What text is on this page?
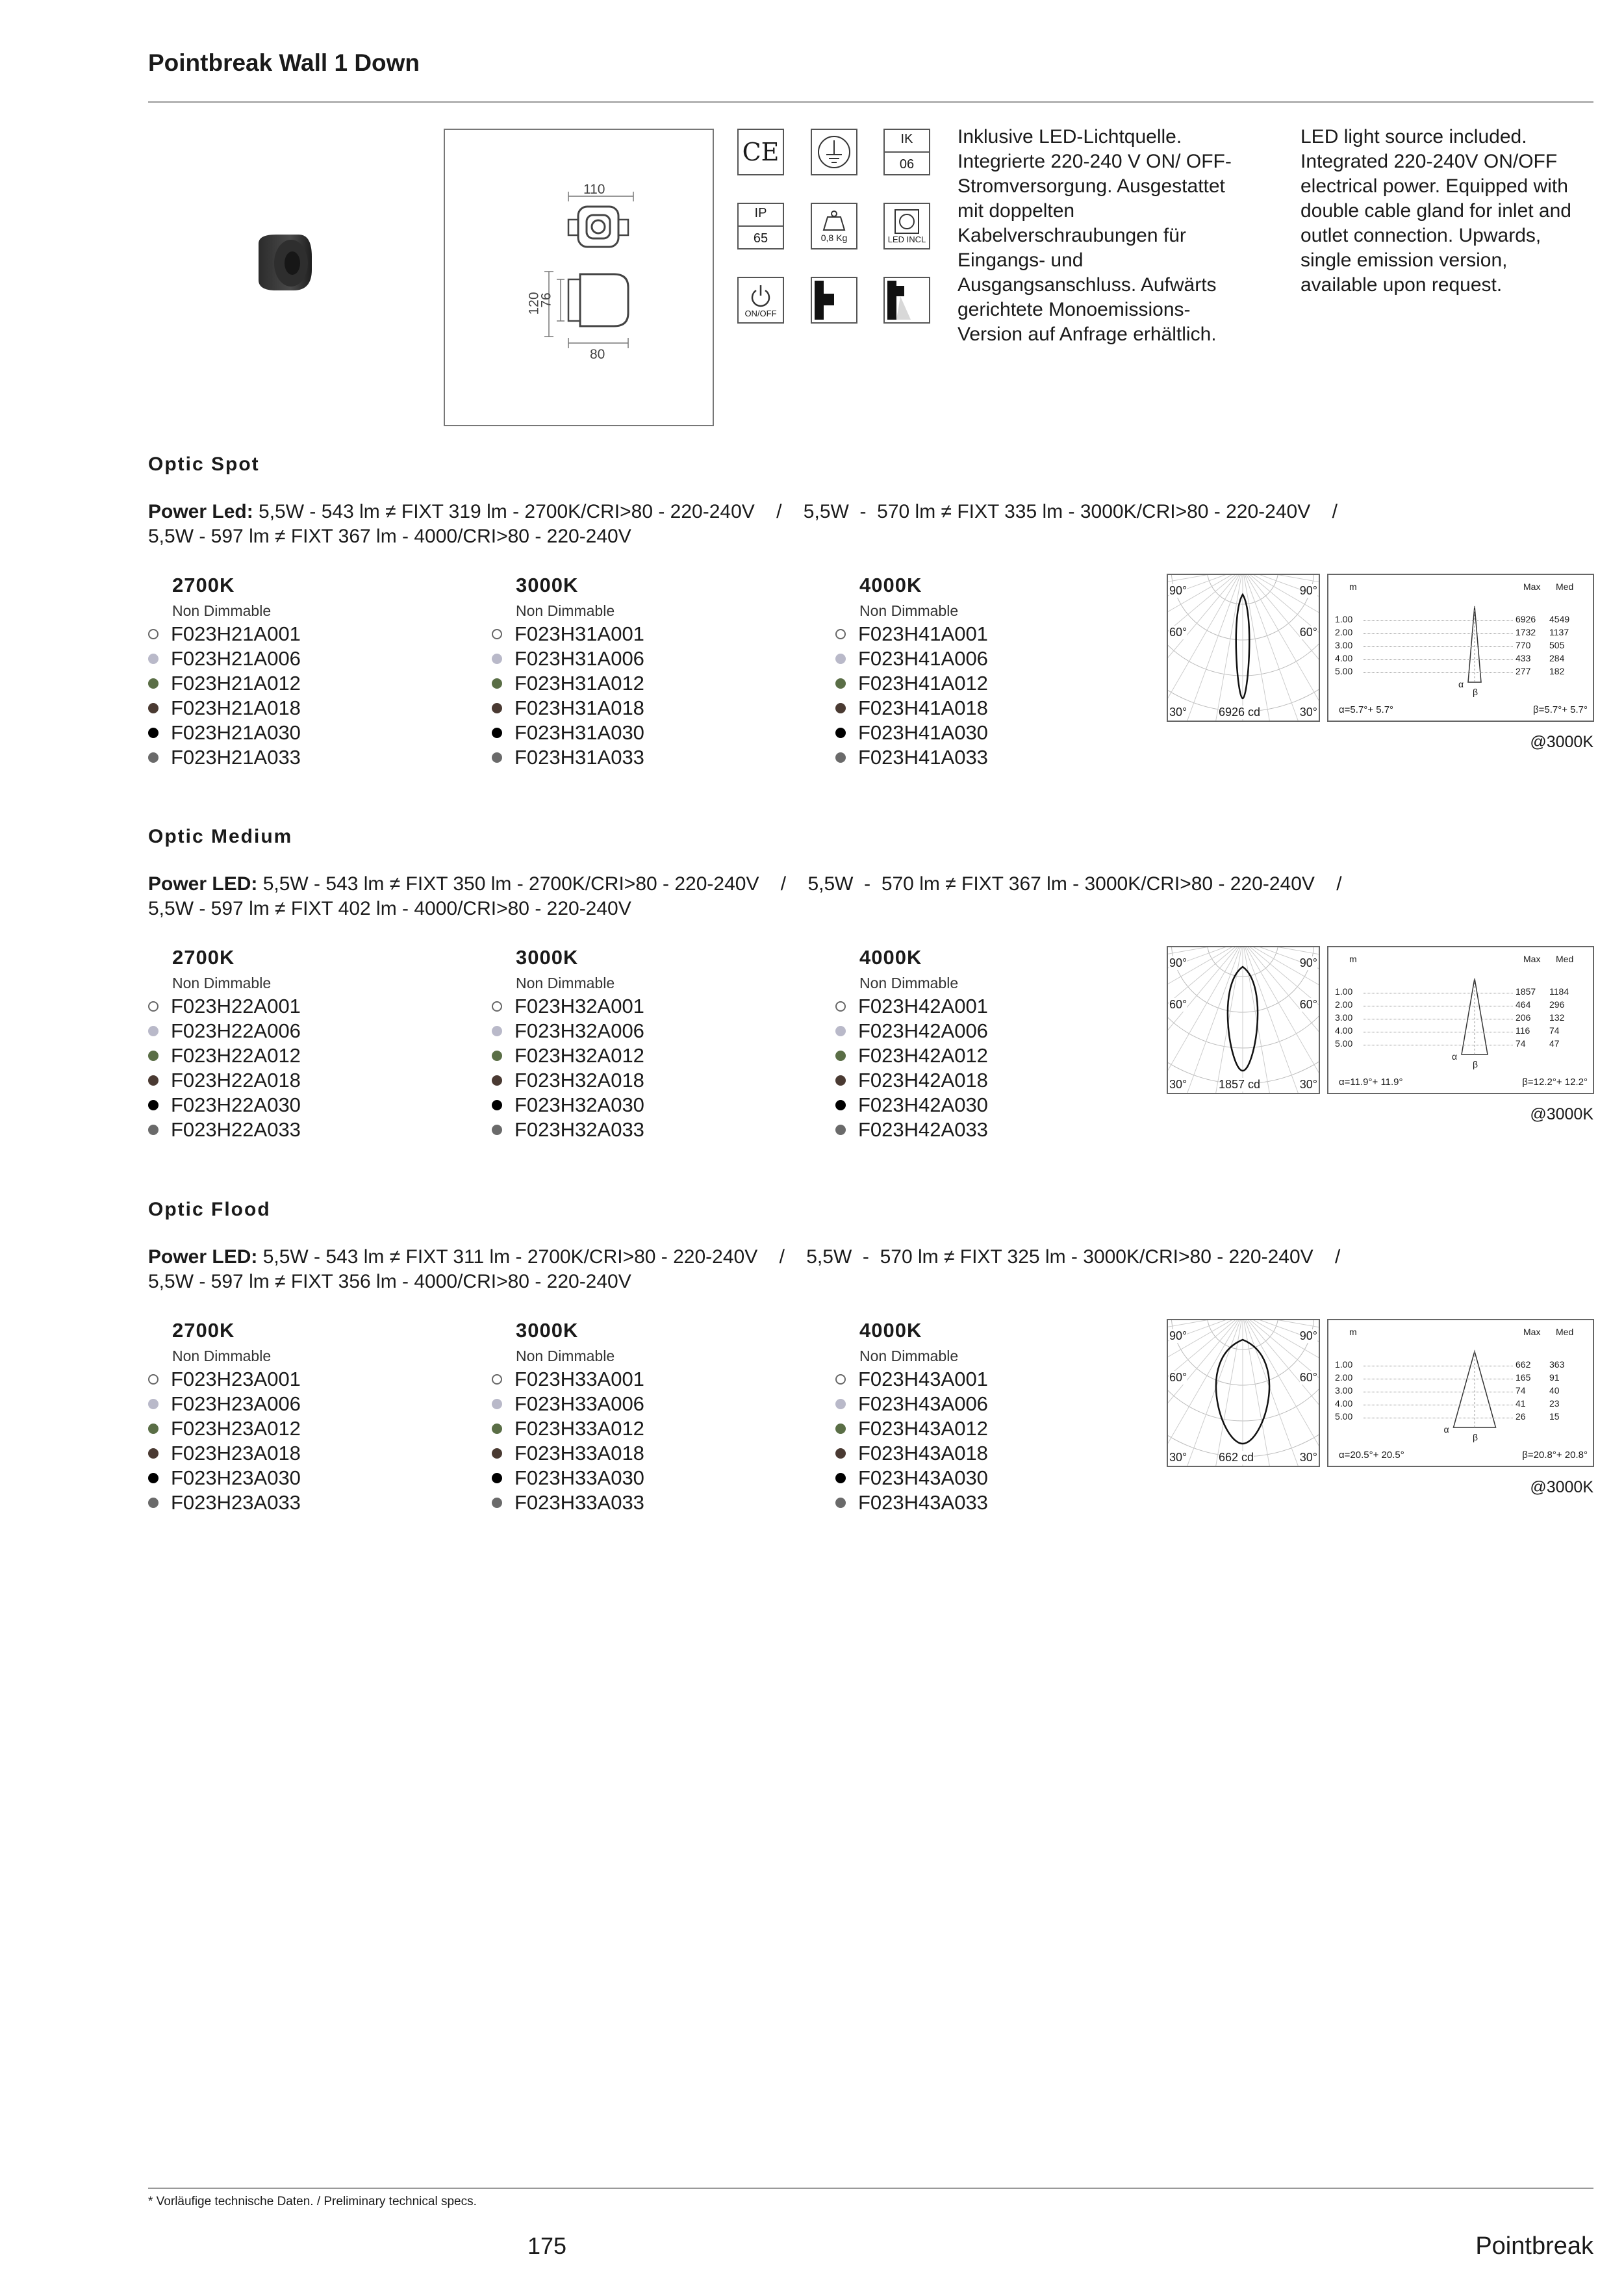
Pointbreak Wall 1 Down
110
120
76
80
CE	IK
06
IP
65	0,8 Kg	LED INCL
ON/OFF
Inklusive LED-Lichtquelle. Integrierte 220-240 V ON/ OFF-Stromversorgung. Ausgestattet mit doppelten Kabelverschraubungen für Eingangs- und Ausgangsanschluss. Aufwärts gerichtete Monoemissions-Version auf Anfrage erhältlich.
LED light source included. Integrated 220-240V ON/OFF electrical power. Equipped with double cable gland for inlet and outlet connection. Upwards, single emission version, available upon request.
Optic Spot
Power Led: 5,5W - 543 lm ≠ FIXT 319 lm - 2700K/CRI>80 - 220-240V    /    5,5W  -  570 lm ≠ FIXT 335 lm - 3000K/CRI>80 - 220-240V    /
5,5W - 597 lm ≠ FIXT 367 lm - 4000/CRI>80 - 220-240V
2700K
Non Dimmable
F023H21A001
F023H21A006
F023H21A012
F023H21A018
F023H21A030
F023H21A033
3000K
Non Dimmable
F023H31A001
F023H31A006
F023H31A012
F023H31A018
F023H31A030
F023H31A033
4000K
Non Dimmable
F023H41A001
F023H41A006
F023H41A012
F023H41A018
F023H41A030
F023H41A033
90°	90°
60°	60°
30°	30°
6926 cd
m	Max Med
1.00	6926	4549
2.00	1732	1137
3.00	770	505
4.00	433	284
5.00	277	182
α
β
α=5.7°+ 5.7°	β=5.7°+ 5.7°
@3000K
Optic Medium
Power LED: 5,5W - 543 lm ≠ FIXT 350 lm - 2700K/CRI>80 - 220-240V    /    5,5W  -  570 lm ≠ FIXT 367 lm - 3000K/CRI>80 - 220-240V    /
5,5W - 597 lm ≠ FIXT 402 lm - 4000/CRI>80 - 220-240V
2700K
Non Dimmable
F023H22A001
F023H22A006
F023H22A012
F023H22A018
F023H22A030
F023H22A033
3000K
Non Dimmable
F023H32A001
F023H32A006
F023H32A012
F023H32A018
F023H32A030
F023H32A033
4000K
Non Dimmable
F023H42A001
F023H42A006
F023H42A012
F023H42A018
F023H42A030
F023H42A033
90°	90°
60°	60°
30°	30°
1857 cd
m	Max Med
1.00	1857	1184
2.00	464	296
3.00	206	132
4.00	116	74
5.00	74	47
α
β
α=11.9°+ 11.9°	β=12.2°+ 12.2°
@3000K
Optic Flood
Power LED: 5,5W - 543 lm ≠ FIXT 311 lm - 2700K/CRI>80 - 220-240V    /    5,5W  -  570 lm ≠ FIXT 325 lm - 3000K/CRI>80 - 220-240V    /
5,5W - 597 lm ≠ FIXT 356 lm - 4000/CRI>80 - 220-240V
2700K
Non Dimmable
F023H23A001
F023H23A006
F023H23A012
F023H23A018
F023H23A030
F023H23A033
3000K
Non Dimmable
F023H33A001
F023H33A006
F023H33A012
F023H33A018
F023H33A030
F023H33A033
4000K
Non Dimmable
F023H43A001
F023H43A006
F023H43A012
F023H43A018
F023H43A030
F023H43A033
90°	90°
60°	60°
30°	30°
662 cd
m	Max Med
1.00	662	363
2.00	165	91
3.00	74	40
4.00	41	23
5.00	26	15
α
β
α=20.5°+ 20.5°	β=20.8°+ 20.8°
@3000K
* Vorläufige technische Daten. / Preliminary technical specs.
175	Pointbreak
